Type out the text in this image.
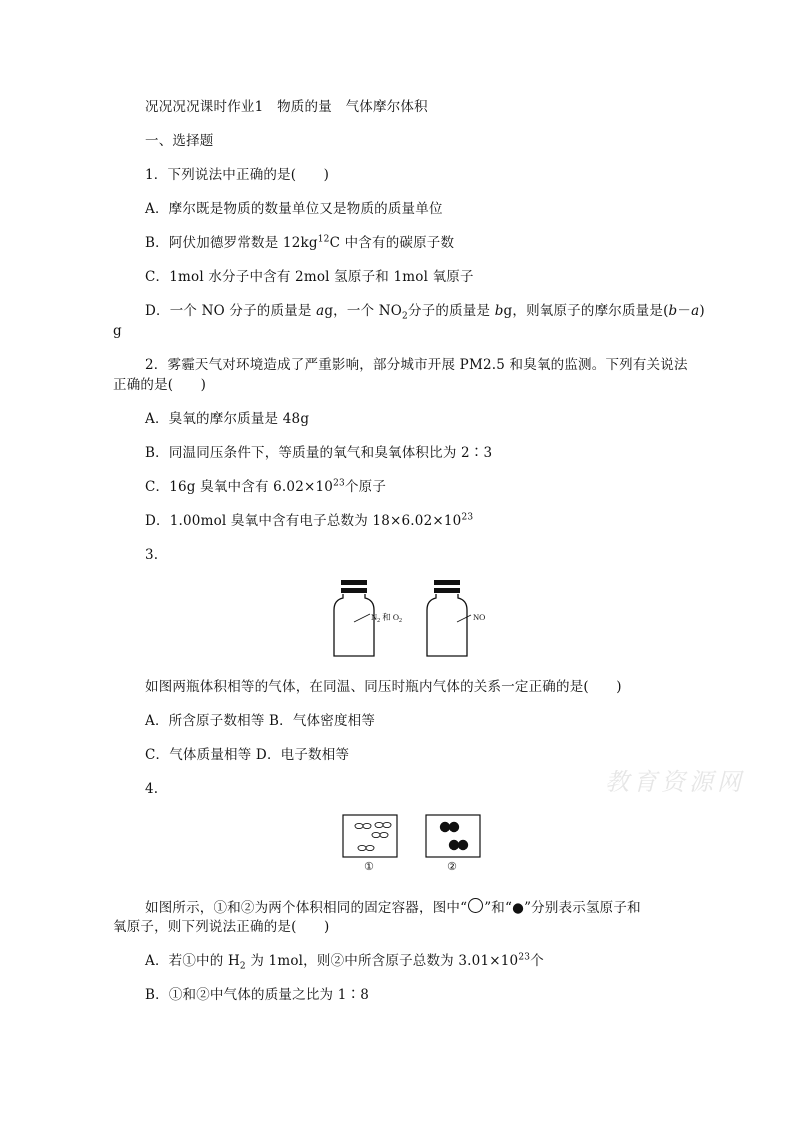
况况况况课时作业1　物质的量　气体摩尔体积
一、选择题
1．下列说法中正确的是(　　)
A．摩尔既是物质的数量单位又是物质的质量单位
B．阿伏加德罗常数是 $12kg^{12}C$ 中含有的碳原子数
C．1mol 水分子中含有 2mol 氢原子和 1mol 氧原子
D．一个 NO 分子的质量是 ag，一个 $NO_2$分子的质量是 bg，则氧原子的摩尔质量是(b－a)
g
2．雾霾天气对环境造成了严重影响，部分城市开展 PM2.5 和臭氧的监测。下列有关说法
正确的是(　　)
A．臭氧的摩尔质量是 48g
B．同温同压条件下，等质量的氧气和臭氧体积比为 2∶3
C．16g 臭氧中含有 $6.02\times 10^{23}$个原子
D．1.00mol 臭氧中含有电子总数为 $18\times 6.02\times 10^{23}$
3.
$N_2$ 和 $O_2$	NO
如图两瓶体积相等的气体，在同温、同压时瓶内气体的关系一定正确的是(　　)
A．所含原子数相等 B．气体密度相等
C．气体质量相等 D．电子数相等
教育资源网
4.
①	②
如图所示，①和②为两个体积相同的固定容器，图中“ ”和“●”分别表示氢原子和
氧原子，则下列说法正确的是(　　)
A．若①中的 $H_2$ 为 1mol，则②中所含原子总数为 $3.01\times 10^{23}$个
B．①和②中气体的质量之比为 1∶8
